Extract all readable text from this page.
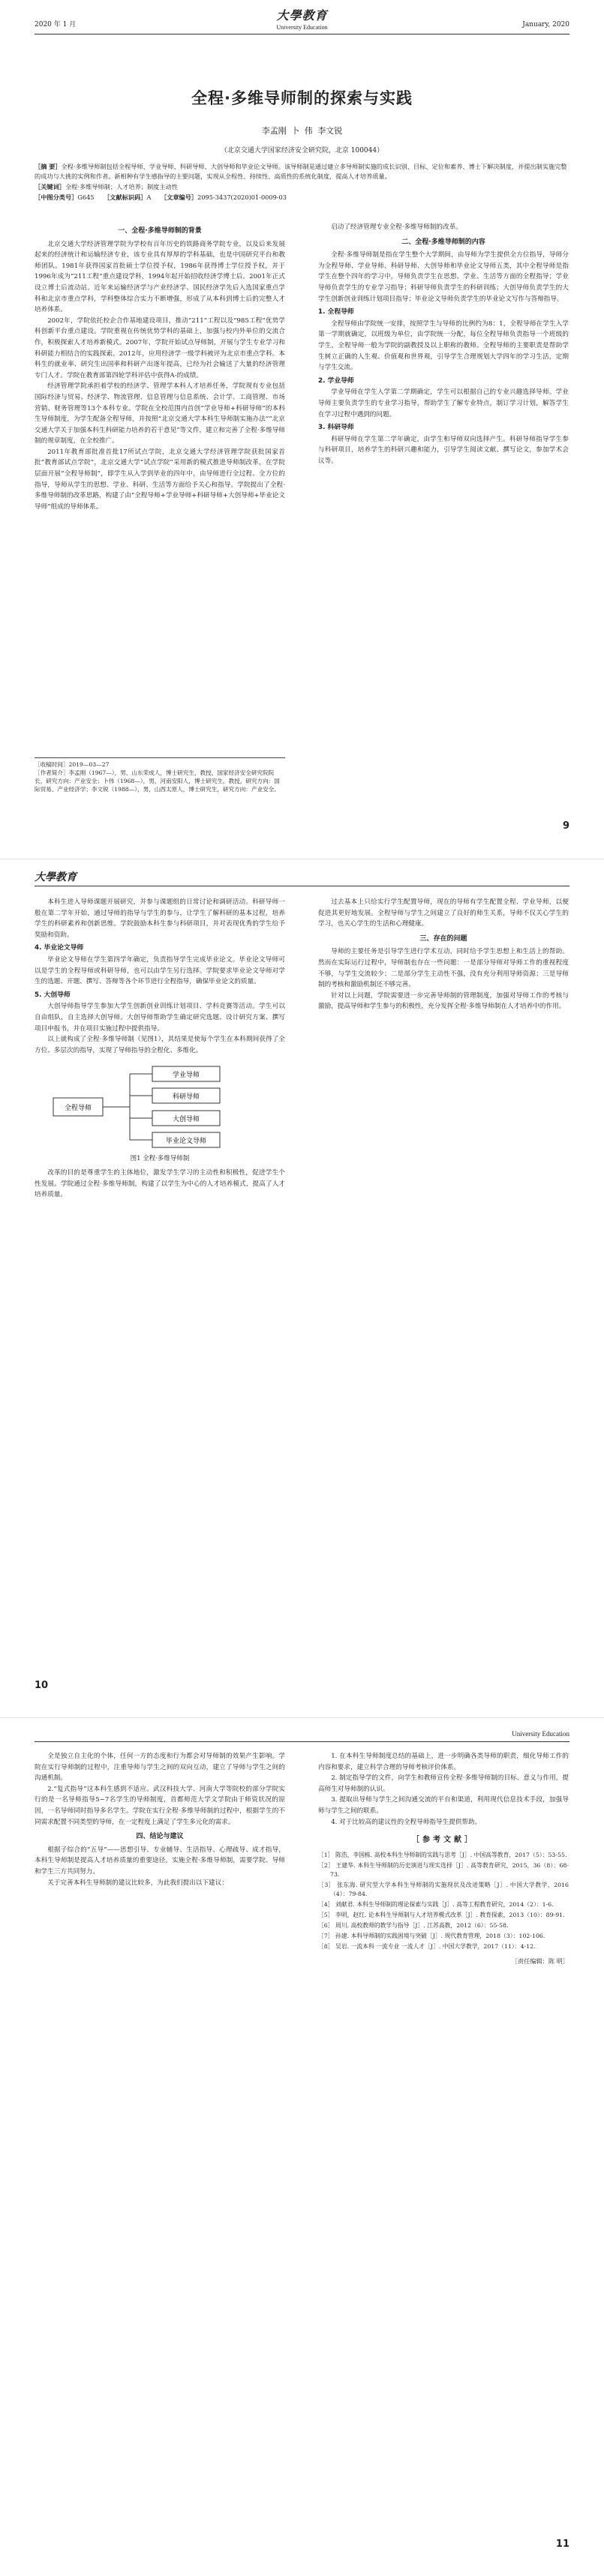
2020 年 1 月
大學教育
University Education	January, 2020
全程·多维导师制的探索与实践
李孟刚 卜 伟 李文锐
（北京交通大学国家经济安全研究院，北京 100044）
［摘 要］全程·多维导师制包括全程导师、学业导师、科研导师、大创导师和毕业论文导师。该导师制是通过建立多导师制实施的成长识别、目标、定位和素养、博士下解决制度，并提出制实施完整的成功与大挑的实例和作者。新相种有学生感指导的主要问题，实现从全程性、持续性、高质性的系统化制度，提高人才培养质量。
［关键词］全程·多维导师制；人才培养；制度主动性
［中图分类号］G645 ［文献标识码］A ［文章编号］2095-3437(2020)01-0009-03
一、全程·多维导师制的背景

北京交通大学经济管理学院为学校有百年历史的铁路商务学院专业，以及后来发展起来的经济统计和运输经济专业，该专业具有厚厚的学科基础，也是中国研究平台和教师团队。1981年获得国家首批硕士学位授予权，1986年获得博士学位授予权，并于1996年成为“211工程”重点建设学科，1994年起开始招收经济学博士后。2001年正式设立博士后流动站。近年来运输经济学与产业经济学、国民经济学先后入选国家重点学科和北京市重点学科，学科整体综合实力不断增强，形成了从本科到博士后的完整人才培养体系。

2002年，学院依托校企合作基地建设项目，推动“211”工程以及“985工程”优势学科创新平台重点建设。学院重视在传统优势学科的基础上，加强与校内外单位的交流合作，积极探索人才培养新模式。2007年，学院开始试点导师制，开展与学生专业学习和科研能力相结合的实践探索。2012年，应用经济学一级学科被评为北京市重点学科。本科生的就业率、研究生出国率和科研产出逐年提高，已经为社会输送了大量的经济管理专门人才。学院在教育部第四轮学科评估中获得A-的成绩。

经济管理学院承担着学校的经济学、管理学本科人才培养任务，学院现有专业包括国际经济与贸易、经济学、物流管理、信息管理与信息系统、会计学、工商管理、市场营销、财务管理等13个本科专业。学院在全校范围内首创“学业导师+科研导师”的本科生导师制度，为学生配备全程导师，并按照“北京交通大学本科生导师制实施办法”“北京交通大学关于加强本科生科研能力培养的若干意见”等文件，建立和完善了全程·多维导师制的规章制度，在全校推广。

2011年教育部批准首批17所试点学院，北京交通大学经济管理学院获批国家首批“教育部试点学院”，北京交通大学“试点学院”采用新的模式推进导师制改革，在学院层面开展“全程导师制”，即学生从入学到毕业的四年中，由导师进行全过程、全方位的指导，导师从学生的思想、学业、科研、生活等方面给予关心和指导。学院提出了全程·多维导师制的改革思路，构建了由“全程导师+学业导师+科研导师+大创导师+毕业论文导师”组成的导师体系。

启动了经济管理专业全程·多维导师制的改革。

二、全程·多维导师制的内容

全程·多维导师制是指在学生整个大学期间，由导师为学生提供全方位指导，导师分为全程导师、学业导师、科研导师、大创导师和毕业论文导师五类，其中全程导师是指学生在整个四年的学习中，导师负责学生在思想、学业、生活等方面的全程指导；学业导师负责学生的专业学习指导；科研导师负责学生的科研训练；大创导师负责学生的大学生创新创业训练计划项目指导；毕业论文导师负责学生的毕业论文写作与答辩指导。

1. 全程导师

全程导师由学院统一安排，按照学生与导师的比例约为8：1，全程导师在学生入学第一学期就确定，以班级为单位，由学院统一分配，每位全程导师负责指导一个班级的学生，全程导师一般为学院的副教授及以上职称的教师。全程导师的主要职责是帮助学生树立正确的人生观、价值观和世界观，引导学生合理规划大学四年的学习生活，定期与学生交流。

2. 学业导师

学业导师在学生入学第二学期确定，学生可以根据自己的专业兴趣选择导师。学业导师主要负责学生的专业学习指导，帮助学生了解专业特点，制订学习计划，解答学生在学习过程中遇到的问题。

3. 科研导师

科研导师在学生第二学年确定，由学生和导师双向选择产生。科研导师指导学生参与科研项目，培养学生的科研兴趣和能力，引导学生阅读文献、撰写论文，参加学术会议等。

［收稿时间］2019—03—27
［作者简介］李孟刚（1967—），男，山东荣成人，博士研究生，教授，国家经济安全研究院院长，研究方向：产业安全；卜伟（1968—），男，河南安阳人，博士研究生，教授，研究方向：国际贸易、产业经济学；李文锐（1988—），男，山西太原人，博士研究生，研究方向：产业安全。
9
大學教育

本科生进入导师课题开展研究，并参与课题组的日常讨论和调研活动。科研导师一般在第二学年开始，通过导师的指导与学生的参与，让学生了解科研的基本过程，培养学生的科研素养和创新思维。学院鼓励本科生参与科研项目，并对表现优秀的学生给予奖励和资助。

4. 毕业论文导师

毕业论文导师在学生第四学年确定，负责指导学生完成毕业论文。毕业论文导师可以是学生的全程导师或科研导师，也可以由学生另行选择。学院要求毕业论文导师对学生的选题、开题、撰写、答辩等各个环节进行全程指导，确保毕业论文的质量。

5. 大创导师

大创导师指导学生参加大学生创新创业训练计划项目、学科竞赛等活动。学生可以自由组队，自主选择大创导师。大创导师帮助学生确定研究选题、设计研究方案、撰写项目申报书，并在项目实施过程中提供指导。

以上就构成了全程·多维导师制（见图1），其结果是使每个学生在本科期间获得了全方位、多层次的指导，实现了导师指导的全程化、多维化。

全程导师
学业导师
科研导师
大创导师
毕业论文导师
图1 全程·多维导师制

改革的目的是尊重学生的主体地位，激发学生学习的主动性和积极性，促进学生个性发展。学院通过全程·多维导师制，构建了以学生为中心的人才培养模式，提高了人才培养质量。

过去基本上只给实行学生配置导师，现在的导师有学生配置全程、学业导师，以便促进其更好地发展。全程导师与学生之间建立了良好的师生关系，导师不仅关心学生的学习，也关心学生的生活和心理健康。

三、存在的问题

导师的主要任务是引导学生进行学术互动，同时给予学生思想上和生活上的帮助。然而在实际运行过程中，导师制也存在一些问题：一是部分导师对导师工作的重视程度不够，与学生交流较少；二是部分学生主动性不强，没有充分利用导师资源；三是导师制的考核和激励机制还不够完善。

针对以上问题，学院需要进一步完善导师制的管理制度，加强对导师工作的考核与激励，提高导师和学生参与的积极性，充分发挥全程·多维导师制在人才培养中的作用。

10
University Education

全是独立自主化的个体，任何一方的态度和行为都会对导师制的效果产生影响。学院在实行导师制的过程中，注重导师与学生之间的双向互动，建立了导师与学生之间的沟通机制。

2.“复式指导”这本科生感到不适应。武汉科技大学、河南大学等院校的部分学院实行的是一名导师指导5~7名学生的导师制度，首都师范大学文学院由于师资状况的原因，一名导师同时指导多名学生。学院在实行全程·多维导师制的过程中，根据学生的不同需求配置不同类型的导师，在一定程度上满足了学生多元化的需求。

四、结论与建议

根据子综合的“五导”——思想引导、专业辅导、生活指导、心理疏导、成才指导，本科生导师制是提高人才培养质量的重要途径。实施全程·多维导师制，需要学院、导师和学生三方共同努力。

关于完善本科生导师制的建议比较多，为此我们提出以下建议：

1. 在本科生导师制度总结的基础上，进一步明确各类导师的职责，细化导师工作的内容和要求，建立科学合理的导师考核评价体系。

2. 制定指导学的文件，向学生和教师宣传全程·多维导师制的目标、意义与作用，提高师生对导师制的认识。

3. 提取出导师与学生之间沟通交流的平台和渠道，利用现代信息技术手段，加强导师与学生之间的联系。

4. 对于比较高的建议性的全程导师指导生提供帮助。

［参考文献］
［1］ 陈浩，李国栋. 高校本科生导师制的实践与思考［J］. 中国高等教育，2017（5）：53-55.
［2］ 王建华. 本科生导师制的历史演进与现实选择［J］. 高等教育研究，2015，36（8）：68-73.
［3］ 张东海. 研究型大学本科生导师制的实施现状及改进策略［J］. 中国大学教学，2016（4）：79-84.
［4］ 刘献君. 本科生导师制的理论探索与实践［J］. 高等工程教育研究，2014（2）：1-6.
［5］ 李明，赵红. 论本科生导师制与人才培养模式改革［J］. 教育探索，2013（10）：89-91.
［6］ 周川. 高校教师的教学与指导［J］. 江苏高教，2012（6）：55-58.
［7］ 孙建. 本科导师制的实践困境与突破［J］. 现代教育管理，2018（3）：102-106.
［8］ 吴岩. 一流本科 一流专业 一流人才［J］. 中国大学教学，2017（11）：4-12.
［责任编辑：陈 明］
11
